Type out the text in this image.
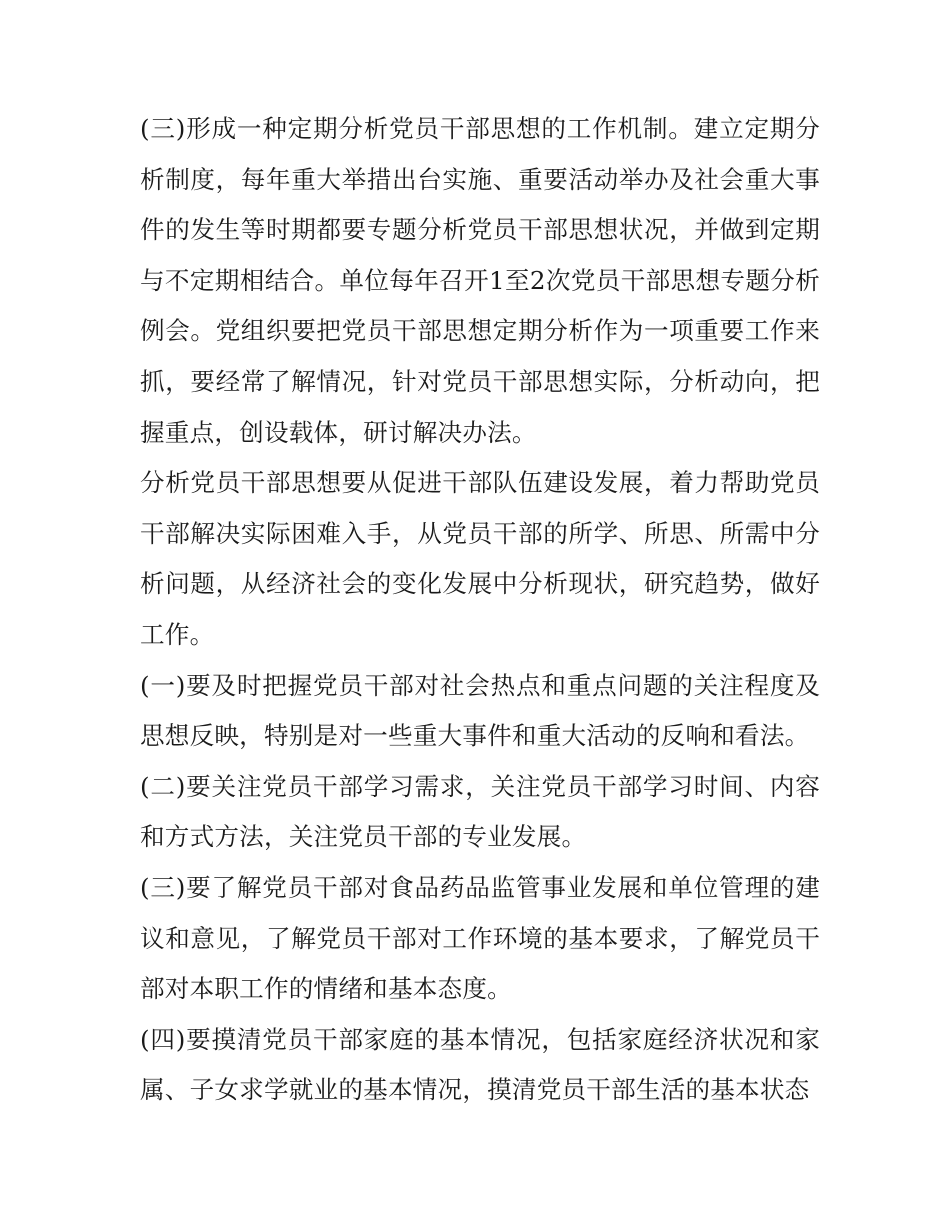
(三)形成一种定期分析党员干部思想的工作机制。建立定期分析制度，每年重大举措出台实施、重要活动举办及社会重大事件的发生等时期都要专题分析党员干部思想状况，并做到定期与不定期相结合。单位每年召开1至2次党员干部思想专题分析例会。党组织要把党员干部思想定期分析作为一项重要工作来抓，要经常了解情况，针对党员干部思想实际，分析动向，把握重点，创设载体，研讨解决办法。

分析党员干部思想要从促进干部队伍建设发展，着力帮助党员干部解决实际困难入手，从党员干部的所学、所思、所需中分析问题，从经济社会的变化发展中分析现状，研究趋势，做好工作。

(一)要及时把握党员干部对社会热点和重点问题的关注程度及思想反映，特别是对一些重大事件和重大活动的反响和看法。

(二)要关注党员干部学习需求，关注党员干部学习时间、内容和方式方法，关注党员干部的专业发展。

(三)要了解党员干部对食品药品监管事业发展和单位管理的建议和意见，了解党员干部对工作环境的基本要求，了解党员干部对本职工作的情绪和基本态度。

(四)要摸清党员干部家庭的基本情况，包括家庭经济状况和家属、子女求学就业的基本情况，摸清党员干部生活的基本状态
